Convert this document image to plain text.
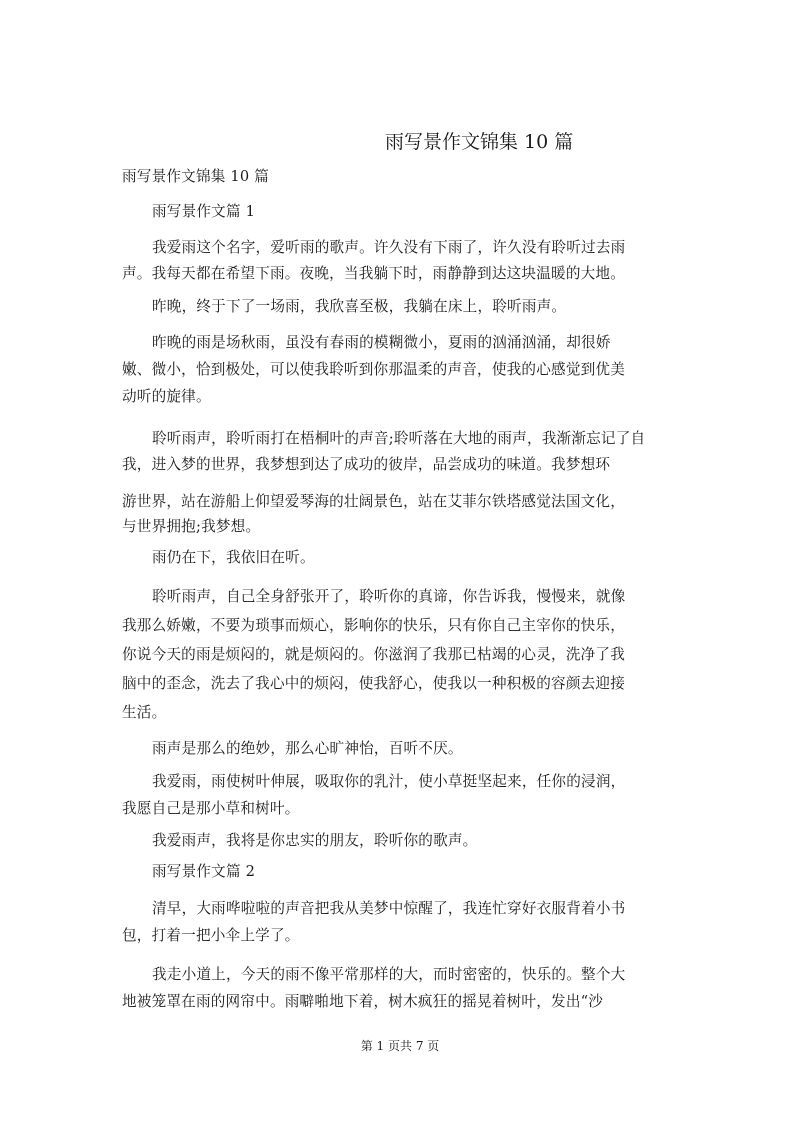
雨写景作文锦集 10 篇
雨写景作文锦集 10 篇
雨写景作文篇 1
我爱雨这个名字，爱听雨的歌声。许久没有下雨了，许久没有聆听过去雨
声。我每天都在希望下雨。夜晚，当我躺下时，雨静静到达这块温暖的大地。
昨晚，终于下了一场雨，我欣喜至极，我躺在床上，聆听雨声。
昨晚的雨是场秋雨，虽没有春雨的模糊微小，夏雨的汹涌汹涌，却很娇
嫩、微小，恰到极处，可以使我聆听到你那温柔的声音，使我的心感觉到优美
动听的旋律。
聆听雨声，聆听雨打在梧桐叶的声音;聆听落在大地的雨声，我渐渐忘记了自
我，进入梦的世界，我梦想到达了成功的彼岸，品尝成功的味道。我梦想环
游世界，站在游船上仰望爱琴海的壮阔景色，站在艾菲尔铁塔感觉法国文化，
与世界拥抱;我梦想。
雨仍在下，我依旧在听。
聆听雨声，自己全身舒张开了，聆听你的真谛，你告诉我，慢慢来，就像
我那么娇嫩，不要为琐事而烦心，影响你的快乐，只有你自己主宰你的快乐，
你说今天的雨是烦闷的，就是烦闷的。你滋润了我那已枯竭的心灵，洗净了我
脑中的歪念，洗去了我心中的烦闷，使我舒心，使我以一种积极的容颜去迎接
生活。
雨声是那么的绝妙，那么心旷神怡，百听不厌。
我爱雨，雨使树叶伸展，吸取你的乳汁，使小草挺坚起来，任你的浸润，
我愿自己是那小草和树叶。
我爱雨声，我将是你忠实的朋友，聆听你的歌声。
雨写景作文篇 2
清早，大雨哗啦啦的声音把我从美梦中惊醒了，我连忙穿好衣服背着小书
包，打着一把小伞上学了。
我走小道上，今天的雨不像平常那样的大，而时密密的，快乐的。整个大
地被笼罩在雨的网帘中。雨噼啪地下着，树木疯狂的摇晃着树叶，发出“沙
第 1 页共 7 页
